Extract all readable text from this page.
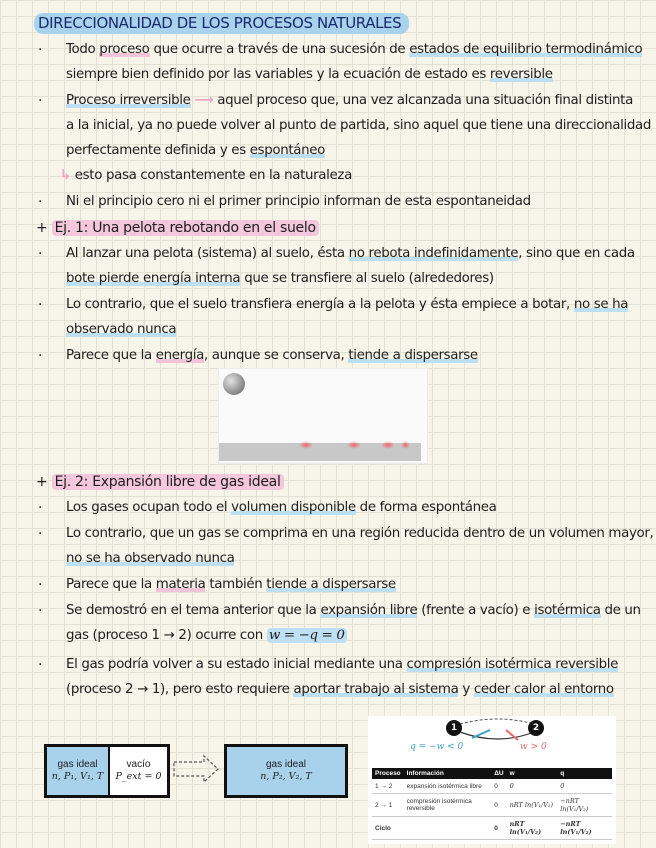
DIRECCIONALIDAD DE LOS PROCESOS NATURALES
· Todo proceso que ocurre a través de una sucesión de estados de equilibrio termodinámico
siempre bien definido por las variables y la ecuación de estado es reversible
· Proceso irreversible ⟶ aquel proceso que, una vez alcanzada una situación final distinta
a la inicial, ya no puede volver al punto de partida, sino aquel que tiene una direccionalidad
perfectamente definida y es espontáneo
↳ esto pasa constantemente en la naturaleza
· Ni el principio cero ni el primer principio informan de esta espontaneidad
+ Ej. 1: Una pelota rebotando en el suelo
· Al lanzar una pelota (sistema) al suelo, ésta no rebota indefinidamente, sino que en cada
bote pierde energía interna que se transfiere al suelo (alrededores)
· Lo contrario, que el suelo transfiera energía a la pelota y ésta empiece a botar, no se ha
observado nunca
· Parece que la energía, aunque se conserva, tiende a dispersarse
+ Ej. 2: Expansión libre de gas ideal
· Los gases ocupan todo el volumen disponible de forma espontánea
· Lo contrario, que un gas se comprima en una región reducida dentro de un volumen mayor,
no se ha observado nunca
· Parece que la materia también tiende a dispersarse
· Se demostró en el tema anterior que la expansión libre (frente a vacío) e isotérmica de un
gas (proceso 1 → 2) ocurre con w = −q = 0
· El gas podría volver a su estado inicial mediante una compresión isotérmica reversible
(proceso 2 → 1), pero esto requiere aportar trabajo al sistema y ceder calor al entorno
gas ideal
n, P₁, V₁, T
vacío
P_ext = 0
gas ideal
n, P₂, V₂, T
1	2
q = −w < 0	w > 0
Proceso	Información	ΔU	w	q
1 → 2	expansión isotérmica libre	0	0	0
2 → 1	compresión isotérmica reversible	0	nRT ln(V₁/V₂)	−nRT ln(V₁/V₂)
Ciclo		0	nRT ln(V₁/V₂)	−nRT ln(V₁/V₂)
